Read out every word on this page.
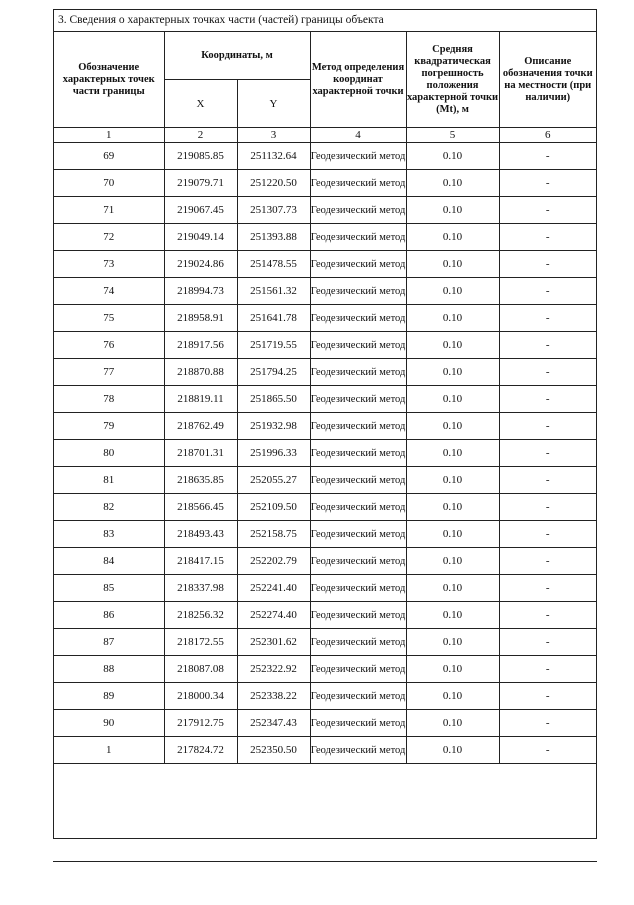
3. Сведения о характерных точках части (частей) границы объекта
Обозначение характерных точек части границы	Координаты, м		Метод определения координат характерной точки	Средняя квадратическая погрешность положения характерной точки (Mt), м	Описание обозначения точки на местности (при наличии)
	X	Y			
1	2	3	4	5	6
69	219085.85	251132.64	Геодезический метод	0.10	-
70	219079.71	251220.50	Геодезический метод	0.10	-
71	219067.45	251307.73	Геодезический метод	0.10	-
72	219049.14	251393.88	Геодезический метод	0.10	-
73	219024.86	251478.55	Геодезический метод	0.10	-
74	218994.73	251561.32	Геодезический метод	0.10	-
75	218958.91	251641.78	Геодезический метод	0.10	-
76	218917.56	251719.55	Геодезический метод	0.10	-
77	218870.88	251794.25	Геодезический метод	0.10	-
78	218819.11	251865.50	Геодезический метод	0.10	-
79	218762.49	251932.98	Геодезический метод	0.10	-
80	218701.31	251996.33	Геодезический метод	0.10	-
81	218635.85	252055.27	Геодезический метод	0.10	-
82	218566.45	252109.50	Геодезический метод	0.10	-
83	218493.43	252158.75	Геодезический метод	0.10	-
84	218417.15	252202.79	Геодезический метод	0.10	-
85	218337.98	252241.40	Геодезический метод	0.10	-
86	218256.32	252274.40	Геодезический метод	0.10	-
87	218172.55	252301.62	Геодезический метод	0.10	-
88	218087.08	252322.92	Геодезический метод	0.10	-
89	218000.34	252338.22	Геодезический метод	0.10	-
90	217912.75	252347.43	Геодезический метод	0.10	-
1	217824.72	252350.50	Геодезический метод	0.10	-
